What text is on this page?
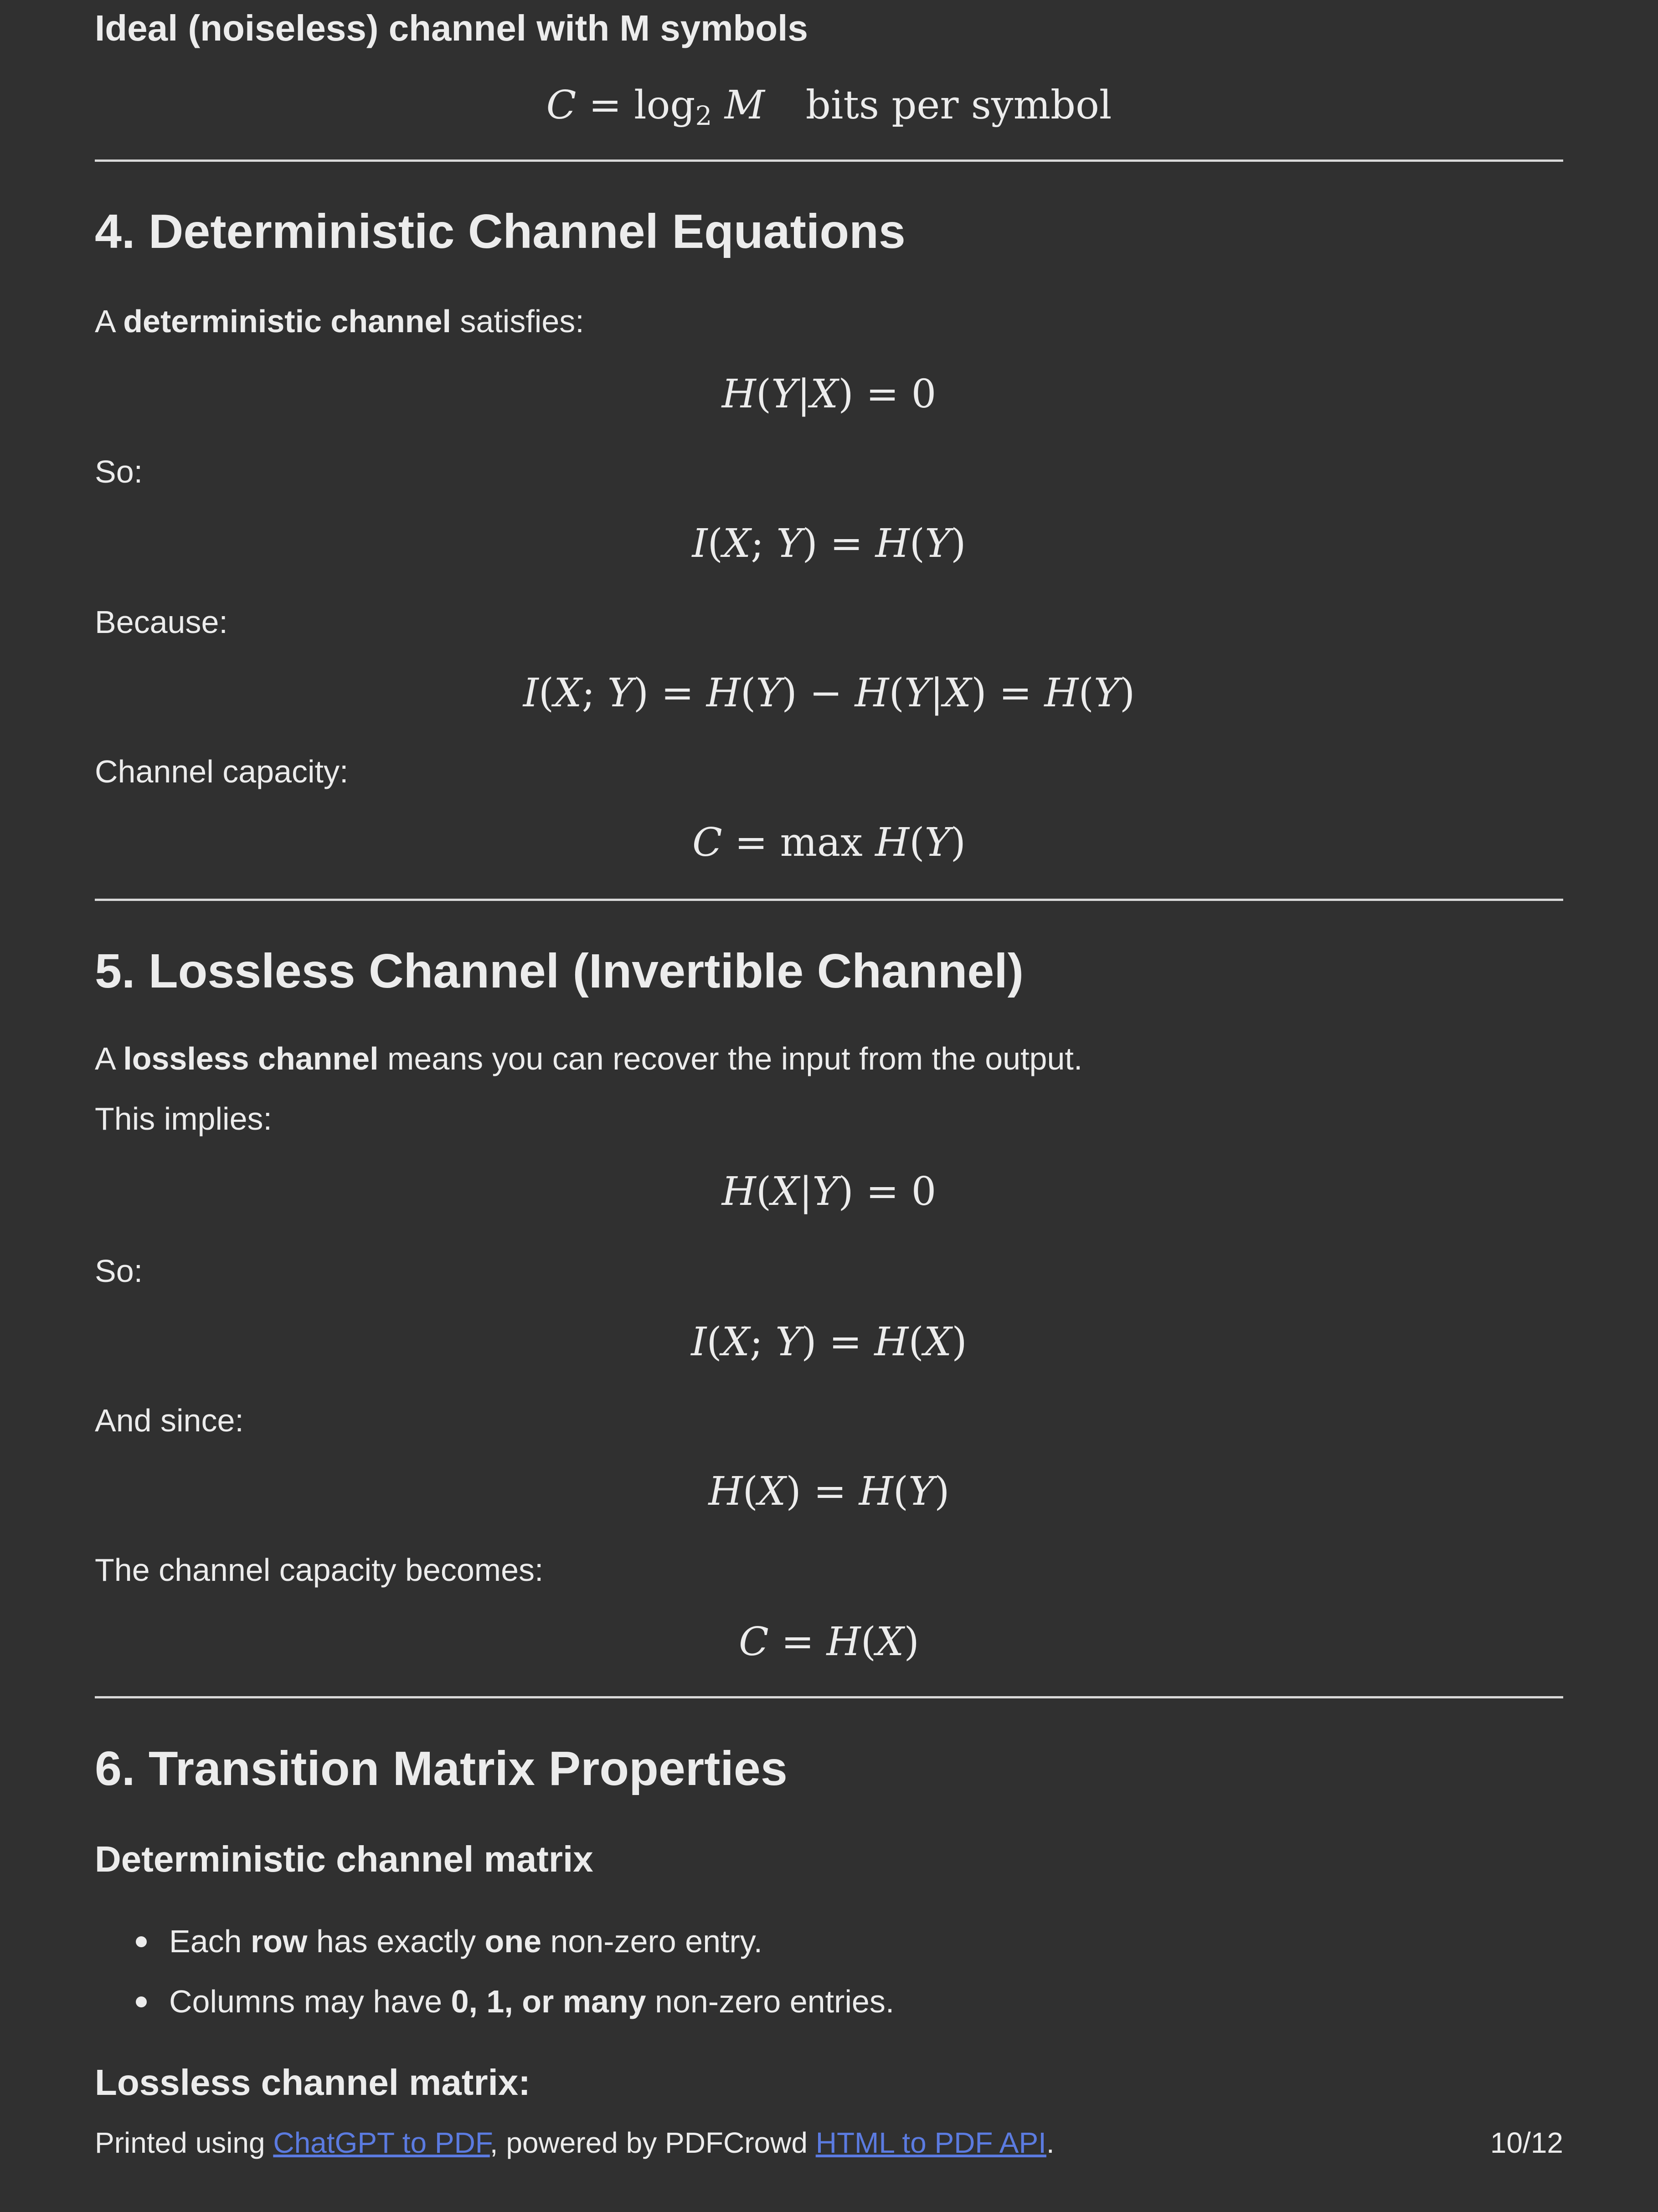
Ideal (noiseless) channel with M symbols
$C = \log_2 M$ bits per symbol
4. Deterministic Channel Equations
A deterministic channel satisfies:
H(Y|X) = 0
So:
I(X; Y) = H(Y)
Because:
I(X; Y) = H(Y) − H(Y|X) = H(Y)
Channel capacity:
C = max H(Y)
5. Lossless Channel (Invertible Channel)
A lossless channel means you can recover the input from the output.
This implies:
H(X|Y) = 0
So:
I(X; Y) = H(X)
And since:
H(X) = H(Y)
The channel capacity becomes:
C = H(X)
6. Transition Matrix Properties
Deterministic channel matrix
Each row has exactly one non-zero entry.
Columns may have 0, 1, or many non-zero entries.
Lossless channel matrix:
Printed using ChatGPT to PDF, powered by PDFCrowd HTML to PDF API.	10/12
